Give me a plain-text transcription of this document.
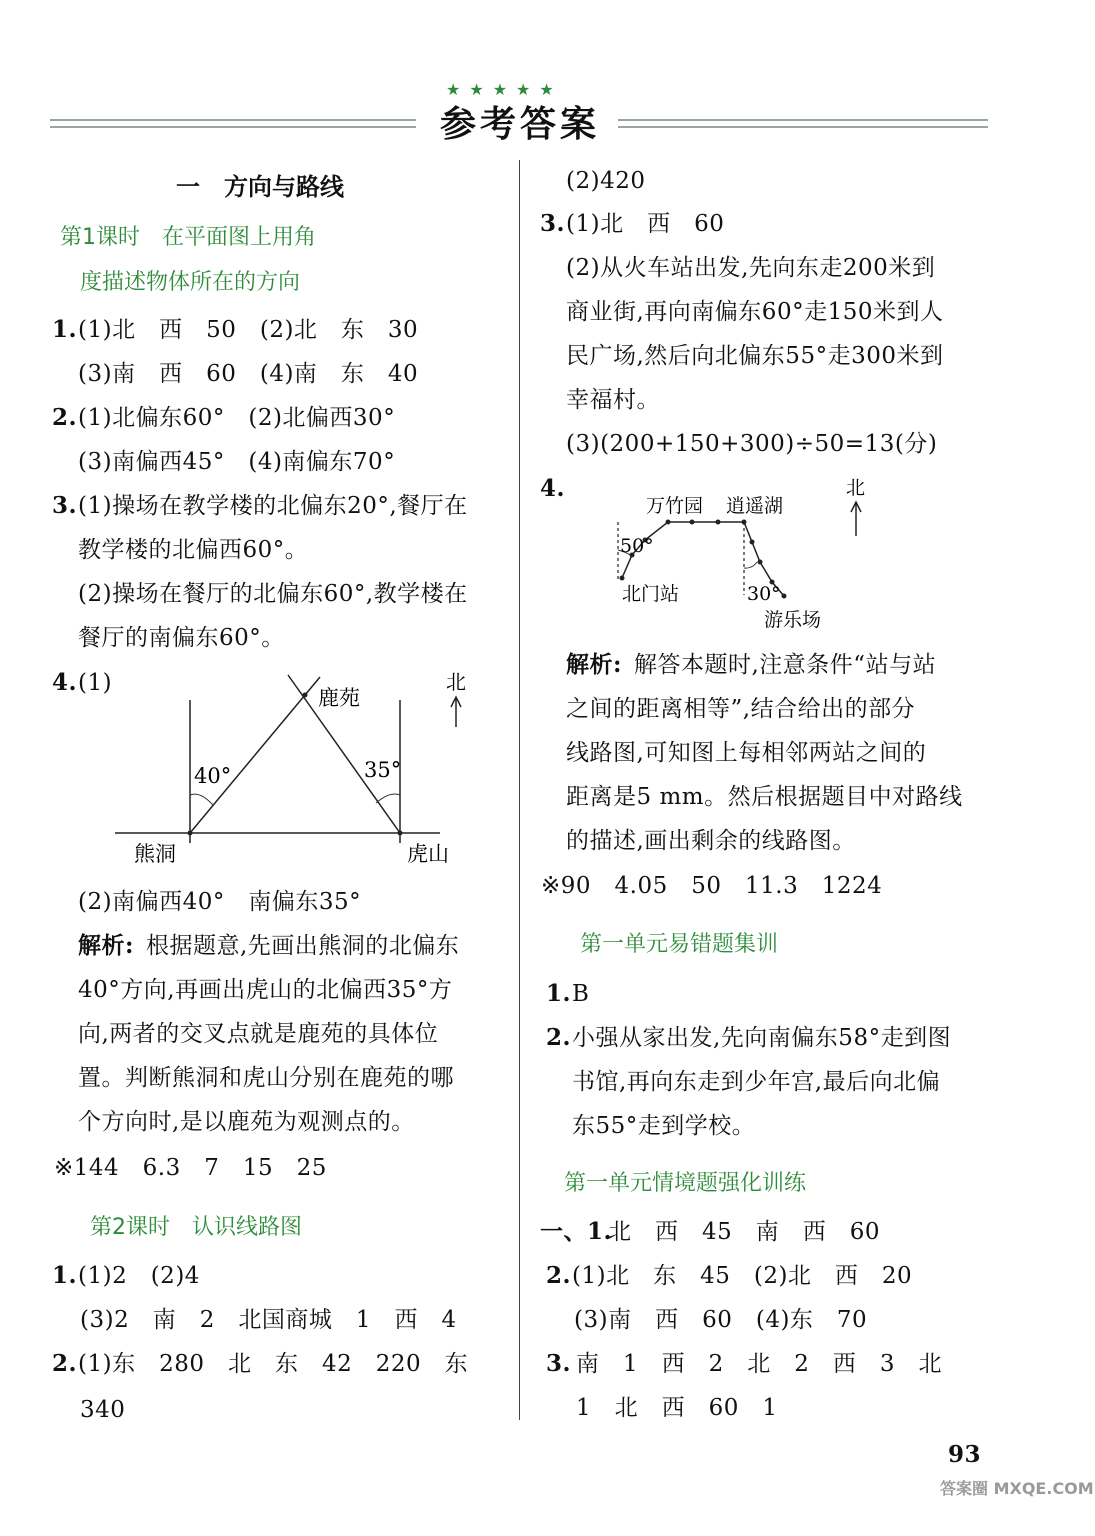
★★★★★
参考答案
一　方向与路线
第1课时　在平面图上用角
度描述物体所在的方向
1. (1)北　西　50　(2)北　东　30
(3)南　西　60　(4)南　东　40
2. (1)北偏东60°　(2)北偏西30°
(3)南偏西45°　(4)南偏东70°
3. (1)操场在教学楼的北偏东20°,餐厅在
教学楼的北偏西60°。
(2)操场在餐厅的北偏东60°,教学楼在
餐厅的南偏东60°。
4. (1)
鹿苑
40°	35°
熊洞	虎山
北
(2)南偏西40°　南偏东35°
解析: 根据题意,先画出熊洞的北偏东
40°方向,再画出虎山的北偏西35°方
向,两者的交叉点就是鹿苑的具体位
置。判断熊洞和虎山分别在鹿苑的哪
个方向时,是以鹿苑为观测点的。
※144　6.3　7　15　25
第2课时　认识线路图
1. (1)2　(2)4
(3)2　南　2　北国商城　1　西　4
2. (1)东　280　北　东　42　220　东
340
(2)420
3. (1)北　西　60
(2)从火车站出发,先向东走200米到
商业街,再向南偏东60°走150米到人
民广场,然后向北偏东55°走300米到
幸福村。
(3)(200+150+300)÷50=13(分)
4.
万竹园 逍遥湖
50°
北门站	30°
游乐场
北
解析: 解答本题时,注意条件“站与站
之间的距离相等”,结合给出的部分
线路图,可知图上每相邻两站之间的
距离是5 mm。然后根据题目中对路线
的描述,画出剩余的线路图。
※90　4.05　50　11.3　1224
第一单元易错题集训
1. B
2. 小强从家出发,先向南偏东58°走到图
书馆,再向东走到少年宫,最后向北偏
东55°走到学校。
第一单元情境题强化训练
一、1.
北　西　45　南　西　60
2. (1)北　东　45　(2)北　西　20
(3)南　西　60　(4)东　70
3. 南　1　西　2　北　2　西　3　北
1　北　西　60　1
93
答案圈 MXQE.COM
